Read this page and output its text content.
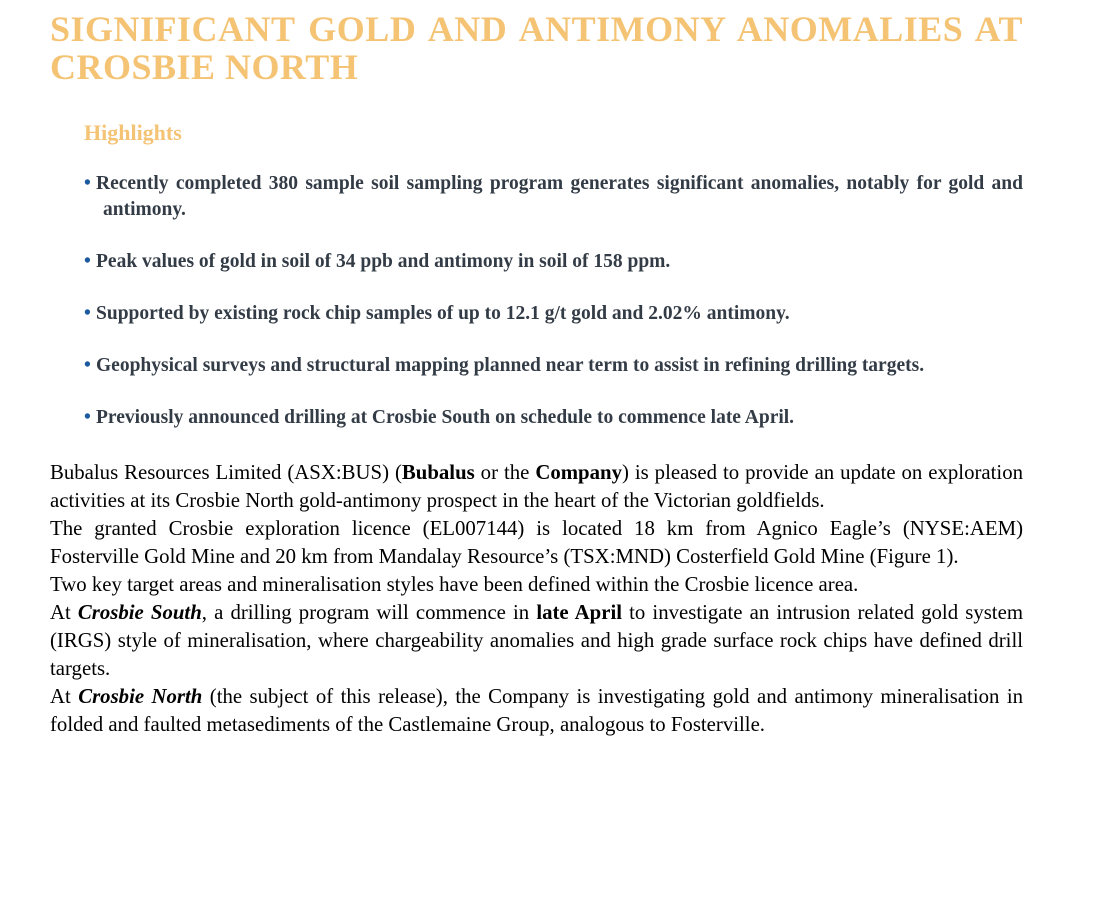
SIGNIFICANT GOLD AND ANTIMONY ANOMALIES AT
CROSBIE NORTH
Highlights
• Recently completed 380 sample soil sampling program generates significant anomalies, notably for gold and antimony.
• Peak values of gold in soil of 34 ppb and antimony in soil of 158 ppm.
• Supported by existing rock chip samples of up to 12.1 g/t gold and 2.02% antimony.
• Geophysical surveys and structural mapping planned near term to assist in refining drilling targets.
• Previously announced drilling at Crosbie South on schedule to commence late April.

Bubalus Resources Limited (ASX:BUS) (Bubalus or the Company) is pleased to provide an update on exploration activities at its Crosbie North gold-antimony prospect in the heart of the Victorian goldfields.

The granted Crosbie exploration licence (EL007144) is located 18 km from Agnico Eagle’s (NYSE:AEM) Fosterville Gold Mine and 20 km from Mandalay Resource’s (TSX:MND) Costerfield Gold Mine (Figure 1).

Two key target areas and mineralisation styles have been defined within the Crosbie licence area.

At Crosbie South, a drilling program will commence in late April to investigate an intrusion related gold system (IRGS) style of mineralisation, where chargeability anomalies and high grade surface rock chips have defined drill targets.

At Crosbie North (the subject of this release), the Company is investigating gold and antimony mineralisation in folded and faulted metasediments of the Castlemaine Group, analogous to Fosterville.
